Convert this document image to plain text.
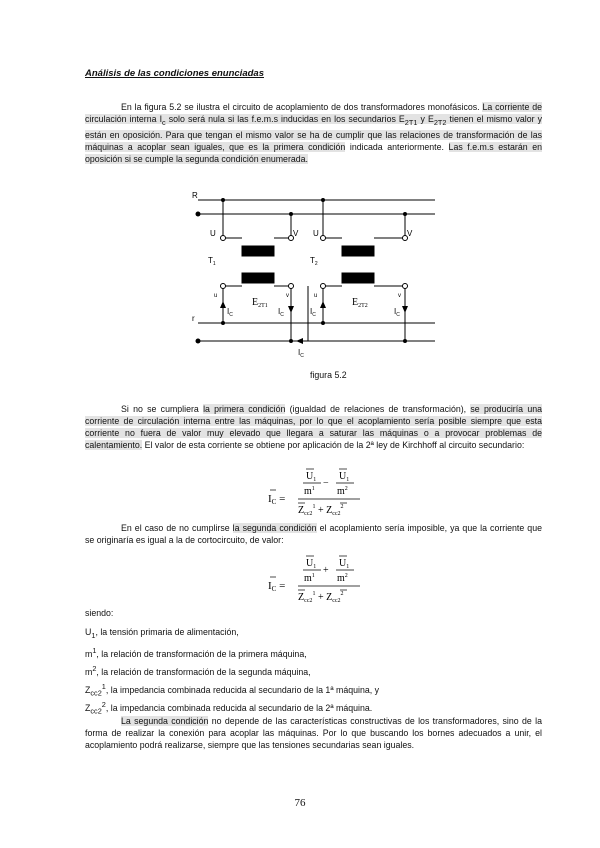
Análisis de las condiciones enunciadas
En la figura 5.2 se ilustra el circuito de acoplamiento de dos transformadores monofásicos. La corriente de circulación interna $I_c$ solo será nula si las f.e.m.s inducidas en los secundarios $E_{2T1}$ y $E_{2T2}$ tienen el mismo valor y están en oposición. Para que tengan el mismo valor se ha de cumplir que las relaciones de transformación de las máquinas a acoplar sean iguales, que es la primera condición indicada anteriormente. Las f.e.m.s estarán en oposición si se cumple la segunda condición enumerada.
R
r
U	V U	V
$T_1$	$T_2$
u	v	u	v
$E_{2T1}$	$E_{2T2}$
$I_C$	$I_C$	$I_C$	$I_C$
$I_C$
figura 5.2
Si no se cumpliera la primera condición (igualdad de relaciones de transformación), se produciría una corriente de circulación interna entre las máquinas, por lo que el acoplamiento sería posible siempre que esta corriente no fuera de valor muy elevado que llegara a saturar las máquinas o a provocar problemas de calentamiento. El valor de esta corriente se obtiene por aplicación de la 2ª ley de Kirchhoff al circuito secundario:
IC =
$U_1$ $U_1$
−
$m^1$ $m^2$
$Z_{cc2}^1 + Z_{cc2}^2$
En el caso de no cumplirse la segunda condición el acoplamiento sería imposible, ya que la corriente que se originaría es igual a la de cortocircuito, de valor:
IC =
$U_1$ $U_1$
+
$m^1$ $m^2$
$Z_{cc2}^1 + Z_{cc2}^2$
siendo:
$U_1$, la tensión primaria de alimentación,
$m^1$, la relación de transformación de la primera máquina,
$m^2$, la relación de transformación de la segunda máquina,
$Z_{cc2}^1$, la impedancia combinada reducida al secundario de la 1ª máquina, y
$Z_{cc2}^2$, la impedancia combinada reducida al secundario de la 2ª máquina.
La segunda condición no depende de las características constructivas de los transformadores, sino de la forma de realizar la conexión para acoplar las máquinas. Por lo que buscando los bornes adecuados a unir, el acoplamiento podrá realizarse, siempre que las tensiones secundarias sean iguales.
76
